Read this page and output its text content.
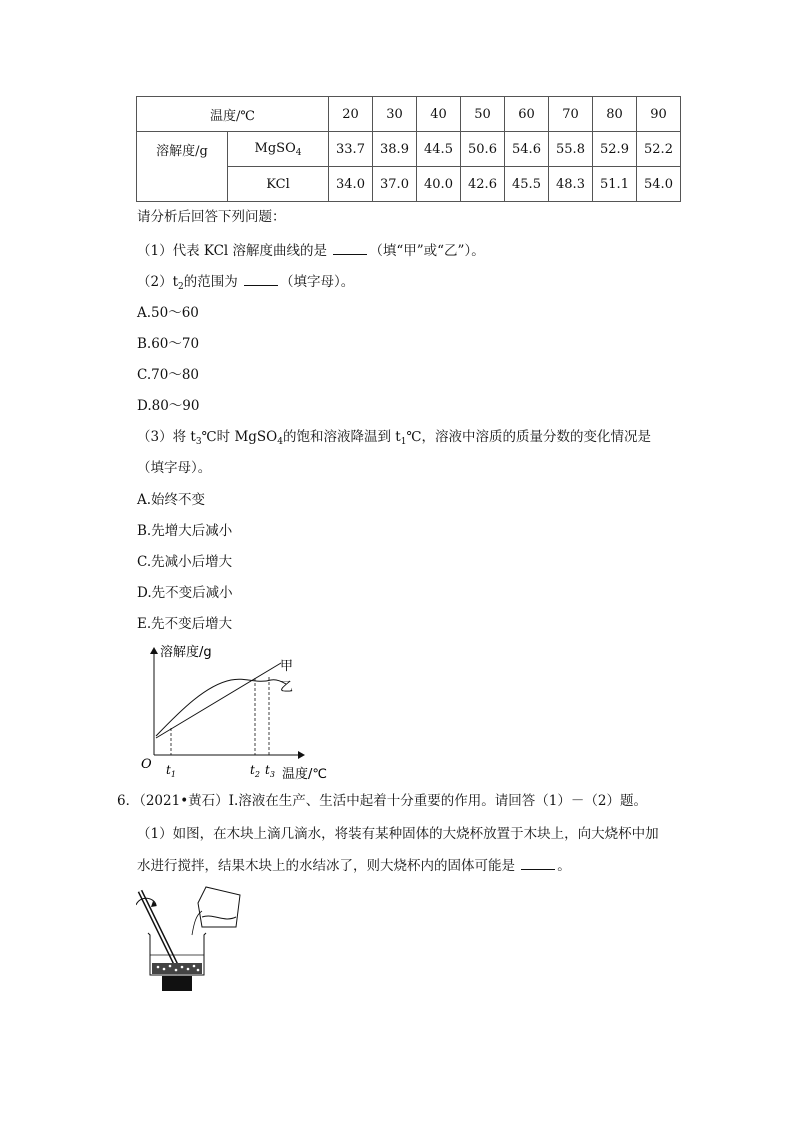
温度/℃		20	30	40	50	60	70	80	90
溶解度/g	MgSO$_4$	33.7	38.9	44.5	50.6	54.6	55.8	52.9	52.2
	KCl	34.0	37.0	40.0	42.6	45.5	48.3	51.1	54.0
请分析后回答下列问题：
（1）代表 KCl 溶解度曲线的是	（填“甲”或“乙”）。
$(2)t_2$的范围为	（填字母）。
A.50～60
B.60～70
C.70～80
D.80～90
（3）将 $t_3℃$时 MgSO$_4$的饱和溶液降温到 $t_1℃$，溶液中溶质的质量分数的变化情况是
（填字母）。
A.始终不变
B.先增大后减小
C.先减小后增大
D.先不变后减小
E.先不变后增大
溶解度/g
甲
乙
O $t_1$	$t_2$ $t_3$ 温度/℃
6．（2021•黄石）Ⅰ.溶液在生产、生活中起着十分重要的作用。请回答（1）－（2）题。
（1）如图，在木块上滴几滴水，将装有某种固体的大烧杯放置于木块上，向大烧杯中加
水进行搅拌，结果木块上的水结冰了，则大烧杯内的固体可能是	。
